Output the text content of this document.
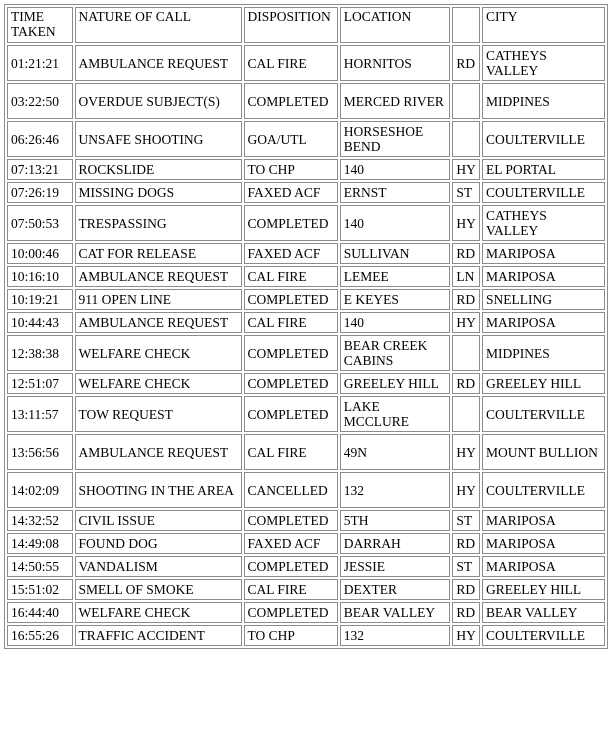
TIME TAKEN	NATURE OF CALL	DISPOSITION	LOCATION		CITY
01:21:21	AMBULANCE REQUEST	CAL FIRE	HORNITOS	RD	CATHEYS VALLEY
03:22:50	OVERDUE SUBJECT(S)	COMPLETED	MERCED RIVER		MIDPINES
06:26:46	UNSAFE SHOOTING	GOA/UTL	HORSESHOE BEND		COULTERVILLE
07:13:21	ROCKSLIDE	TO CHP	140	HY	EL PORTAL
07:26:19	MISSING DOGS	FAXED ACF	ERNST	ST	COULTERVILLE
07:50:53	TRESPASSING	COMPLETED	140	HY	CATHEYS VALLEY
10:00:46	CAT FOR RELEASE	FAXED ACF	SULLIVAN	RD	MARIPOSA
10:16:10	AMBULANCE REQUEST	CAL FIRE	LEMEE	LN	MARIPOSA
10:19:21	911 OPEN LINE	COMPLETED	E KEYES	RD	SNELLING
10:44:43	AMBULANCE REQUEST	CAL FIRE	140	HY	MARIPOSA
12:38:38	WELFARE CHECK	COMPLETED	BEAR CREEK CABINS		MIDPINES
12:51:07	WELFARE CHECK	COMPLETED	GREELEY HILL	RD	GREELEY HILL
13:11:57	TOW REQUEST	COMPLETED	LAKE MCCLURE		COULTERVILLE
13:56:56	AMBULANCE REQUEST	CAL FIRE	49N	HY	MOUNT BULLION
14:02:09	SHOOTING IN THE AREA	CANCELLED	132	HY	COULTERVILLE
14:32:52	CIVIL ISSUE	COMPLETED	5TH	ST	MARIPOSA
14:49:08	FOUND DOG	FAXED ACF	DARRAH	RD	MARIPOSA
14:50:55	VANDALISM	COMPLETED	JESSIE	ST	MARIPOSA
15:51:02	SMELL OF SMOKE	CAL FIRE	DEXTER	RD	GREELEY HILL
16:44:40	WELFARE CHECK	COMPLETED	BEAR VALLEY	RD	BEAR VALLEY
16:55:26	TRAFFIC ACCIDENT	TO CHP	132	HY	COULTERVILLE
